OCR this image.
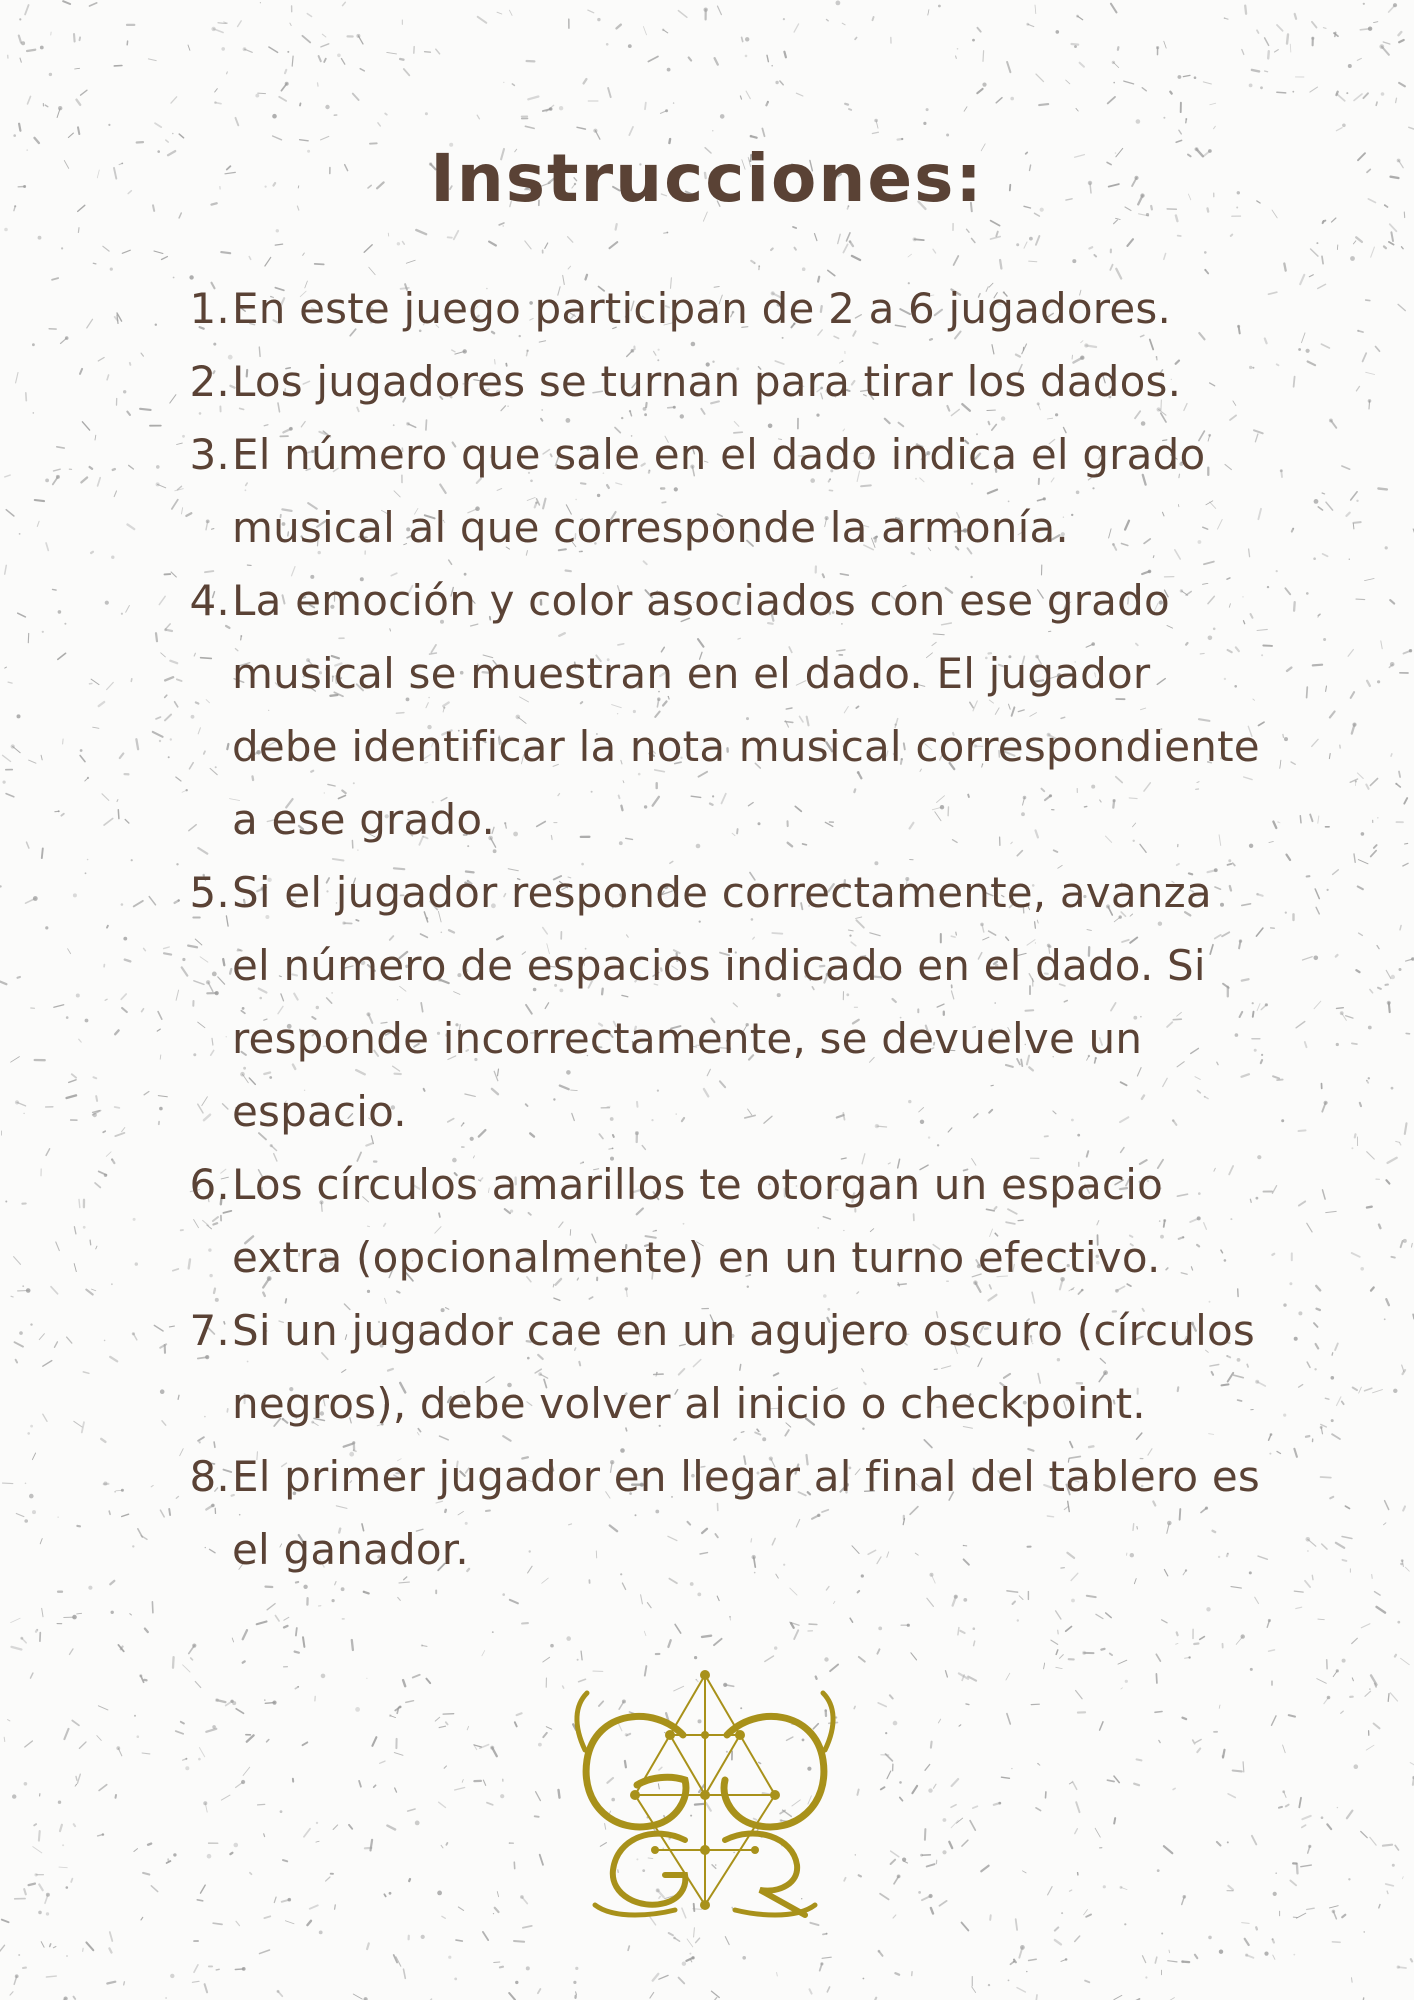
Instrucciones:
1. En este juego participan de 2 a 6 jugadores.
2. Los jugadores se turnan para tirar los dados.
3. El número que sale en el dado indica el grado musical al que corresponde la armonía.
4. La emoción y color asociados con ese grado musical se muestran en el dado. El jugador debe identificar la nota musical correspondiente a ese grado.
5. Si el jugador responde correctamente, avanza el número de espacios indicado en el dado. Si responde incorrectamente, se devuelve un espacio.
6. Los círculos amarillos te otorgan un espacio extra (opcionalmente) en un turno efectivo.
7. Si un jugador cae en un agujero oscuro (círculos negros), debe volver al inicio o checkpoint.
8. El primer jugador en llegar al final del tablero es el ganador.
